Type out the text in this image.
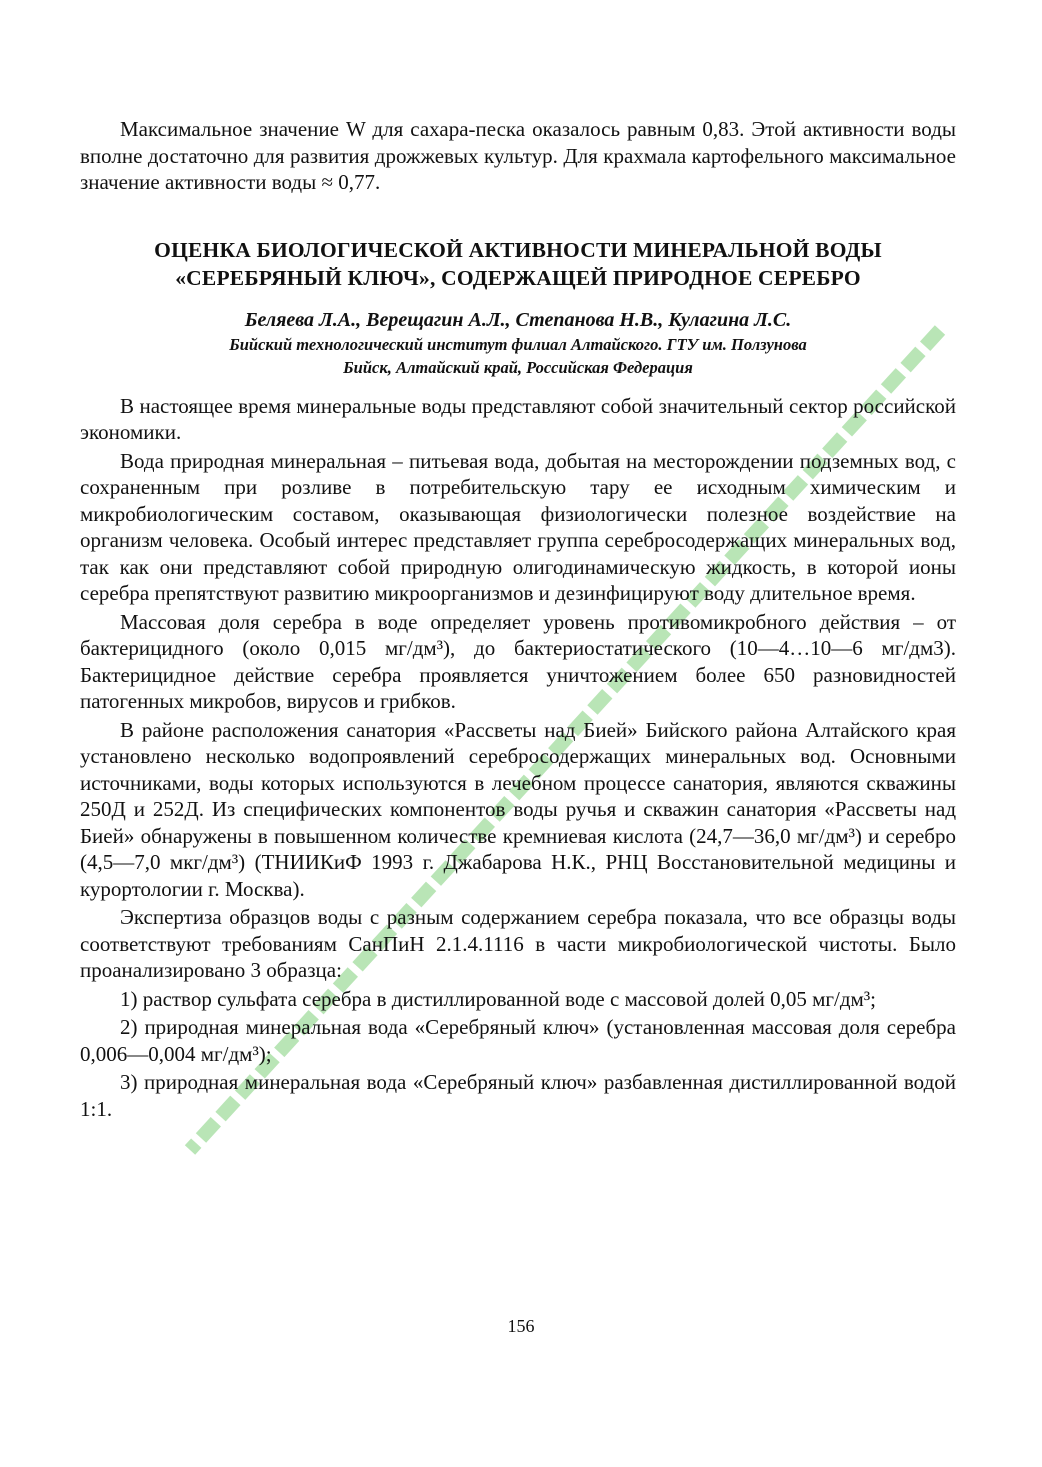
Максимальное значение W для сахара-песка оказалось равным 0,83. Этой активности воды вполне достаточно для развития дрожжевых культур. Для крахмала картофельного максимальное значение активности воды ≈ 0,77.

ОЦЕНКА БИОЛОГИЧЕСКОЙ АКТИВНОСТИ МИНЕРАЛЬНОЙ ВОДЫ
«СЕРЕБРЯНЫЙ КЛЮЧ», СОДЕРЖАЩЕЙ ПРИРОДНОЕ СЕРЕБРО
Беляева Л.А., Верещагин А.Л., Степанова Н.В., Кулагина Л.С.
Бийский технологический институт филиал Алтайского. ГТУ им. Ползунова
Бийск, Алтайский край, Российская Федерация

В настоящее время минеральные воды представляют собой значительный сектор российской экономики.

Вода природная минеральная – питьевая вода, добытая на месторождении подземных вод, с сохраненным при розливе в потребительскую тару ее исходным химическим и микробиологическим составом, оказывающая физиологически полезное воздействие на организм человека. Особый интерес представляет группа серебросодержащих минеральных вод, так как они представляют собой природную олигодинамическую жидкость, в которой ионы серебра препятствуют развитию микроорганизмов и дезинфицируют воду длительное время.

Массовая доля серебра в воде определяет уровень противомикробного действия – от бактерицидного (около 0,015 мг/дм³), до бактериостатического (10—4…10—6 мг/дм3). Бактерицидное действие серебра проявляется уничтожением более 650 разновидностей патогенных микробов, вирусов и грибков.

В районе расположения санатория «Рассветы над Бией» Бийского района Алтайского края установлено несколько водопроявлений серебросодержащих минеральных вод. Основными источниками, воды которых используются в лечебном процессе санатория, являются скважины 250Д и 252Д. Из специфических компонентов воды ручья и скважин санатория «Рассветы над Бией» обнаружены в повышенном количестве кремниевая кислота (24,7—36,0 мг/дм³) и серебро (4,5—7,0 мкг/дм³) (ТНИИКиФ 1993 г. Джабарова Н.К., РНЦ Восстановительной медицины и курортологии г. Москва).

Экспертиза образцов воды с разным содержанием серебра показала, что все образцы воды соответствуют требованиям СанПиН 2.1.4.1116 в части микробиологической чистоты. Было проанализировано 3 образца:

1) раствор сульфата серебра в дистиллированной воде с массовой долей 0,05 мг/дм³;

2) природная минеральная вода «Серебряный ключ» (установленная массовая доля серебра 0,006—0,004 мг/дм³);

3) природная минеральная вода «Серебряный ключ» разбавленная дистиллированной водой 1:1.

156
